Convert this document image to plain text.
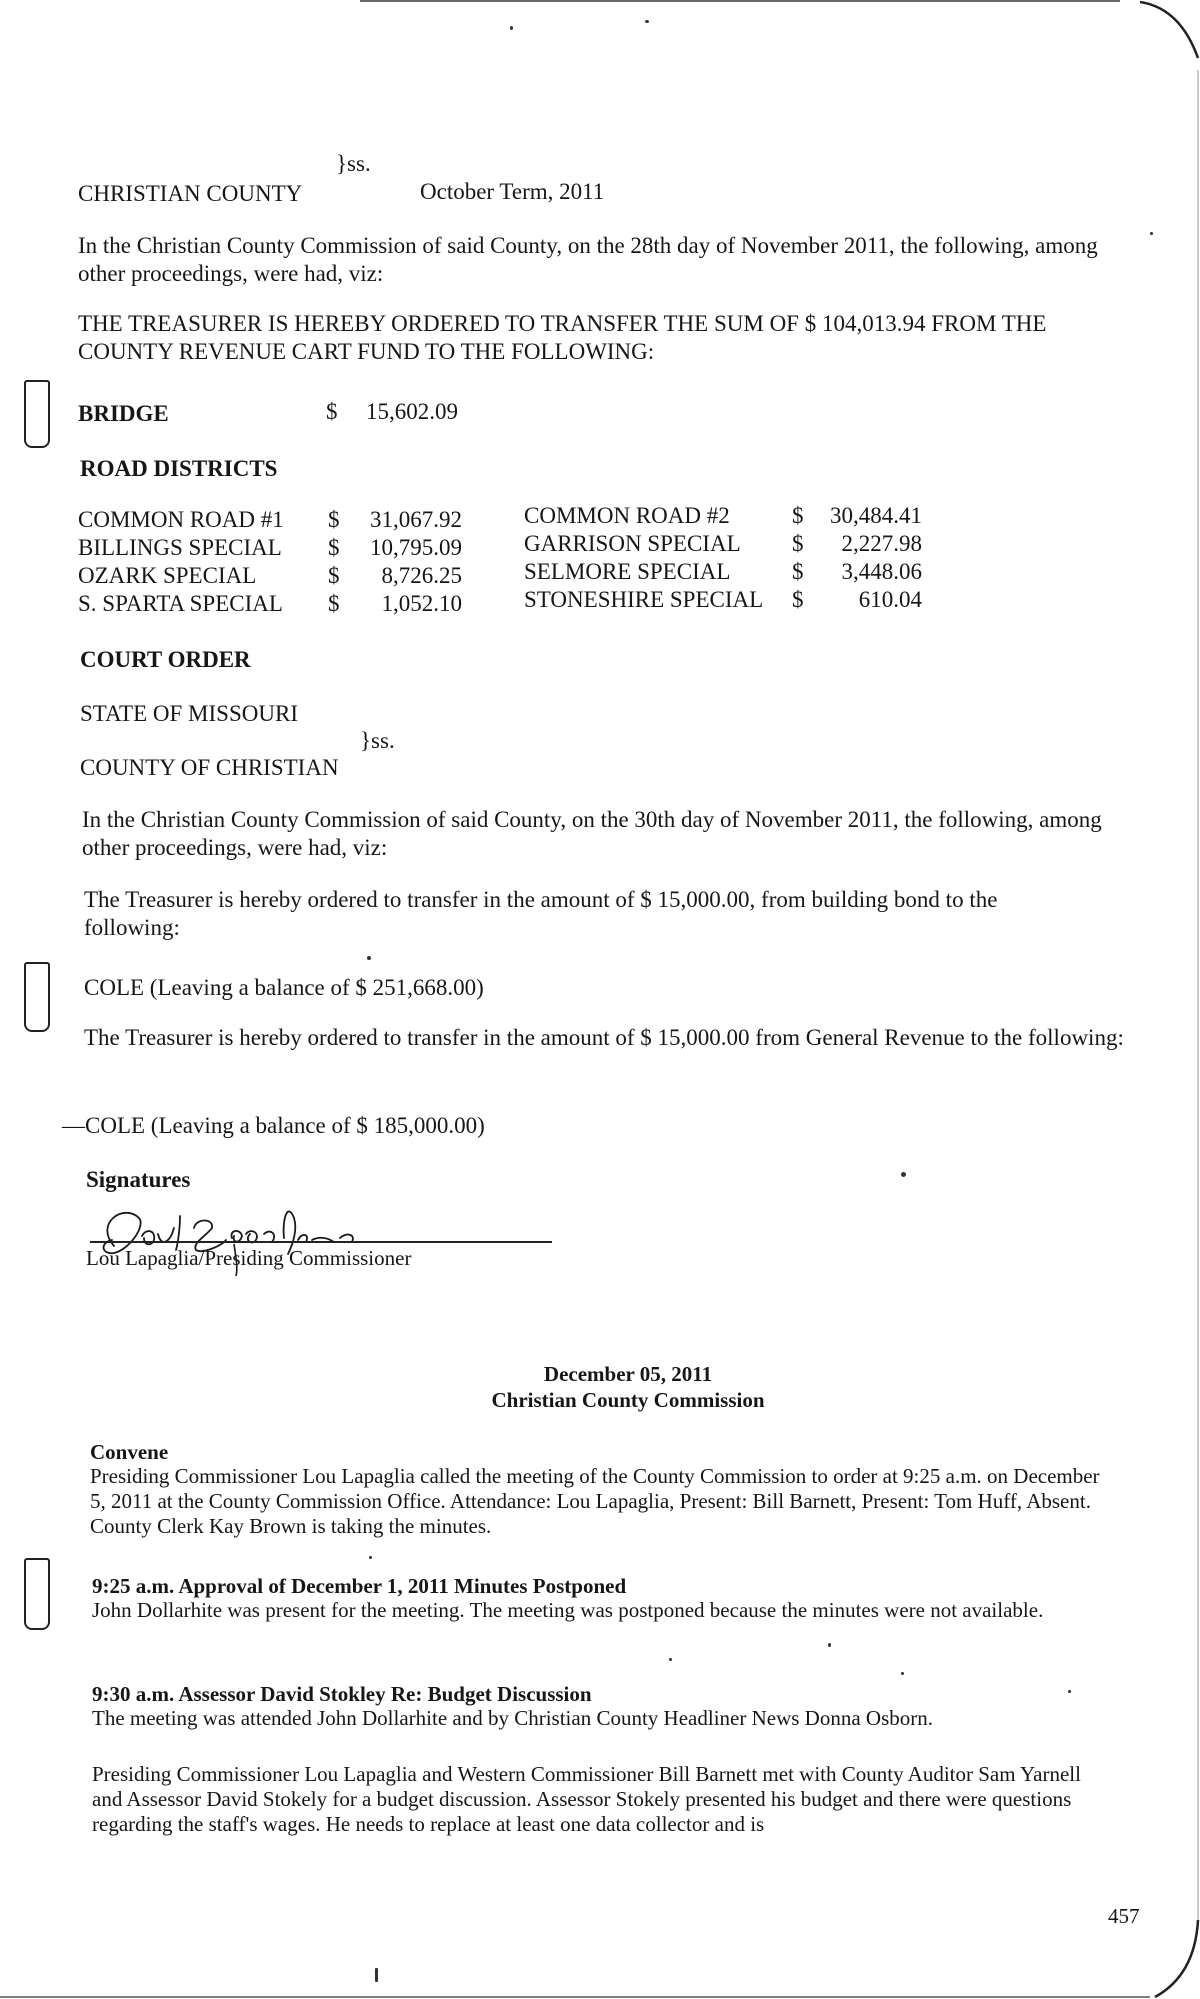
}ss.
CHRISTIAN COUNTY	October Term, 2011
In the Christian County Commission of said County, on the 28th day of November 2011, the following, among other proceedings, were had, viz:
THE TREASURER IS HEREBY ORDERED TO TRANSFER THE SUM OF $ 104,013.94 FROM THE COUNTY REVENUE CART FUND TO THE FOLLOWING:
BRIDGE	$ 15,602.09
ROAD DISTRICTS
COMMON ROAD #1	$	31,067.92
BILLINGS SPECIAL	$	10,795.09
OZARK SPECIAL	$	8,726.25
S. SPARTA SPECIAL	$	1,052.10
COMMON ROAD #2	$	30,484.41
GARRISON SPECIAL	$	2,227.98
SELMORE SPECIAL	$	3,448.06
STONESHIRE SPECIAL	$	610.04
COURT ORDER
STATE OF MISSOURI
}ss.
COUNTY OF CHRISTIAN
In the Christian County Commission of said County, on the 30th day of November 2011, the following, among other proceedings, were had, viz:
The Treasurer is hereby ordered to transfer in the amount of $ 15,000.00, from building bond to the following:
COLE (Leaving a balance of $ 251,668.00)
The Treasurer is hereby ordered to transfer in the amount of $ 15,000.00 from General Revenue to the following:
—COLE (Leaving a balance of $ 185,000.00)
Signatures
Lou Lapaglia/Presiding Commissioner
December 05, 2011
Christian County Commission
Convene
Presiding Commissioner Lou Lapaglia called the meeting of the County Commission to order at 9:25 a.m. on December 5, 2011 at the County Commission Office. Attendance: Lou Lapaglia, Present: Bill Barnett, Present: Tom Huff, Absent. County Clerk Kay Brown is taking the minutes.
9:25 a.m. Approval of December 1, 2011 Minutes Postponed
John Dollarhite was present for the meeting. The meeting was postponed because the minutes were not available.
9:30 a.m. Assessor David Stokley Re: Budget Discussion
The meeting was attended John Dollarhite and by Christian County Headliner News Donna Osborn.
Presiding Commissioner Lou Lapaglia and Western Commissioner Bill Barnett met with County Auditor Sam Yarnell and Assessor David Stokely for a budget discussion. Assessor Stokely presented his budget and there were questions regarding the staff's wages. He needs to replace at least one data collector and is
457
